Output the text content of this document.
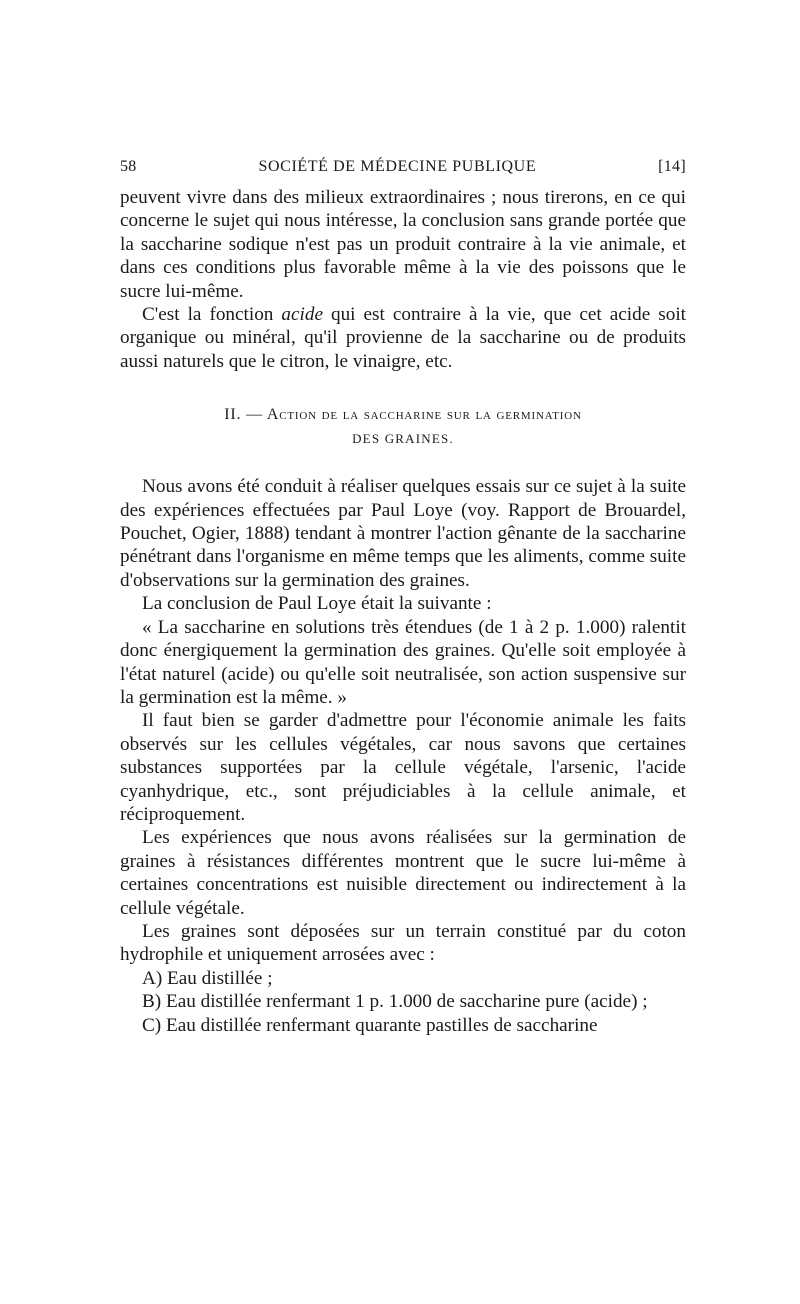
58	SOCIÉTÉ DE MÉDECINE PUBLIQUE	[14]

peuvent vivre dans des milieux extraordinaires ; nous tirerons, en ce qui concerne le sujet qui nous intéresse, la conclusion sans grande portée que la saccharine sodique n'est pas un produit contraire à la vie animale, et dans ces conditions plus favorable même à la vie des poissons que le sucre lui-même.

C'est la fonction acide qui est contraire à la vie, que cet acide soit organique ou minéral, qu'il provienne de la saccharine ou de produits aussi naturels que le citron, le vinaigre, etc.

II. — Action de la saccharine sur la germination
DES GRAINES.

Nous avons été conduit à réaliser quelques essais sur ce sujet à la suite des expériences effectuées par Paul Loye (voy. Rapport de Brouardel, Pouchet, Ogier, 1888) tendant à montrer l'action gênante de la saccharine pénétrant dans l'organisme en même temps que les aliments, comme suite d'observations sur la germination des graines.

La conclusion de Paul Loye était la suivante :

« La saccharine en solutions très étendues (de 1 à 2 p. 1.000) ralentit donc énergiquement la germination des graines. Qu'elle soit employée à l'état naturel (acide) ou qu'elle soit neutralisée, son action suspensive sur la germination est la même. »

Il faut bien se garder d'admettre pour l'économie animale les faits observés sur les cellules végétales, car nous savons que certaines substances supportées par la cellule végétale, l'arsenic, l'acide cyanhydrique, etc., sont préjudiciables à la cellule animale, et réciproquement.

Les expériences que nous avons réalisées sur la germination de graines à résistances différentes montrent que le sucre lui-même à certaines concentrations est nuisible directement ou indirectement à la cellule végétale.

Les graines sont déposées sur un terrain constitué par du coton hydrophile et uniquement arrosées avec :

A) Eau distillée ;

B) Eau distillée renfermant 1 p. 1.000 de saccharine pure (acide) ;

C) Eau distillée renfermant quarante pastilles de saccharine
